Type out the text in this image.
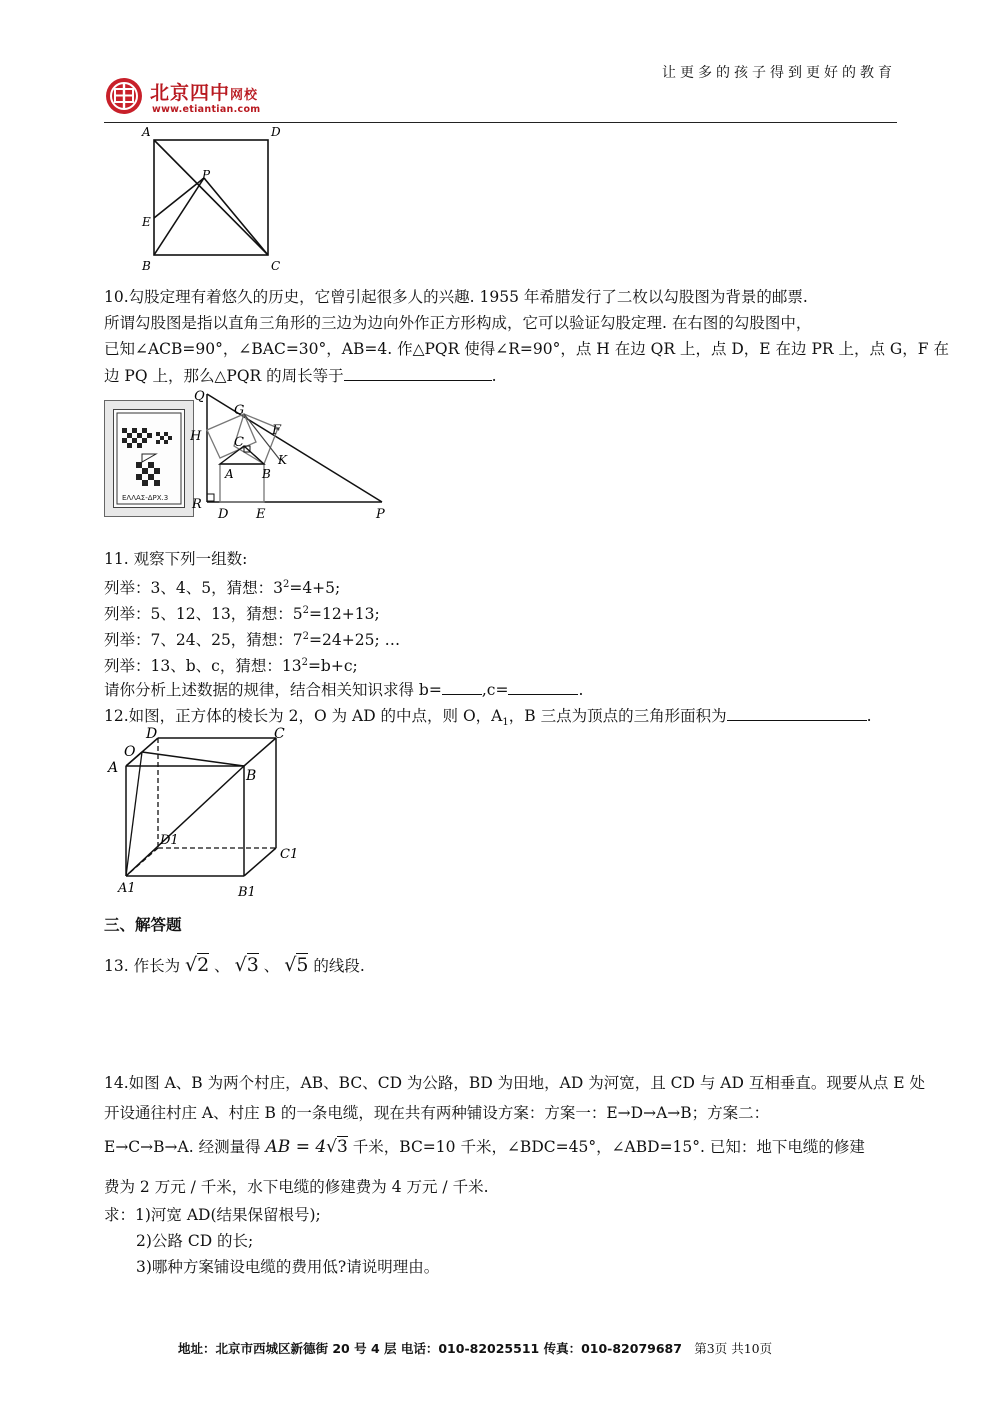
北京四中网校
www.etiantian.com
让更多的孩子得到更好的教育
A	D
P
E
B	C
10.勾股定理有着悠久的历史，它曾引起很多人的兴趣. 1955 年希腊发行了二枚以勾股图为背景的邮票.
所谓勾股图是指以直角三角形的三边为边向外作正方形构成，它可以验证勾股定理. 在右图的勾股图中，
已知∠ACB=90°，∠BAC=30°，AB=4. 作△PQR 使得∠R=90°，点 H 在边 QR 上，点 D，E 在边 PR 上，点 G，F 在
边 PQ 上，那么△PQR 的周长等于	.
ΕΛΛΑΣ-ΔΡΧ.3
Q
G
H	C
F
K
A B
R
D E	P
11. 观察下列一组数:
列举：3、4、5，猜想：$3^2=4+5$;
列举：5、12、13，猜想：$5^2=12+13$;
列举：7、24、25，猜想：$7^2=24+25$; …
列举：13、b、c，猜想：$13^2=b+c$;
请你分析上述数据的规律，结合相关知识求得 b=	,c=	.
12.如图，正方体的棱长为 2，O 为 AD 的中点，则 O，$A_1$，B 三点为顶点的三角形面积为	.
D	C
O
A	B
D1
C1
A1	B1
三、解答题
13. 作长为 √2 、 √3 、 √5 的线段.
14.如图 A、B 为两个村庄，AB、BC、CD 为公路，BD 为田地，AD 为河宽，且 CD 与 AD 互相垂直。现要从点 E 处
开设通往村庄 A、村庄 B 的一条电缆，现在共有两种铺设方案：方案一：E→D→A→B；方案二：
E→C→B→A. 经测量得 AB = 4√3 千米，BC=10 千米，∠BDC=45°，∠ABD=15°. 已知：地下电缆的修建
费为 2 万元 / 千米，水下电缆的修建费为 4 万元 / 千米.
求：1)河宽 AD(结果保留根号);
2)公路 CD 的长;
3)哪种方案铺设电缆的费用低?请说明理由。
地址：北京市西城区新德街 20 号 4 层 电话：010-82025511 传真：010-82079687 第3页 共10页
